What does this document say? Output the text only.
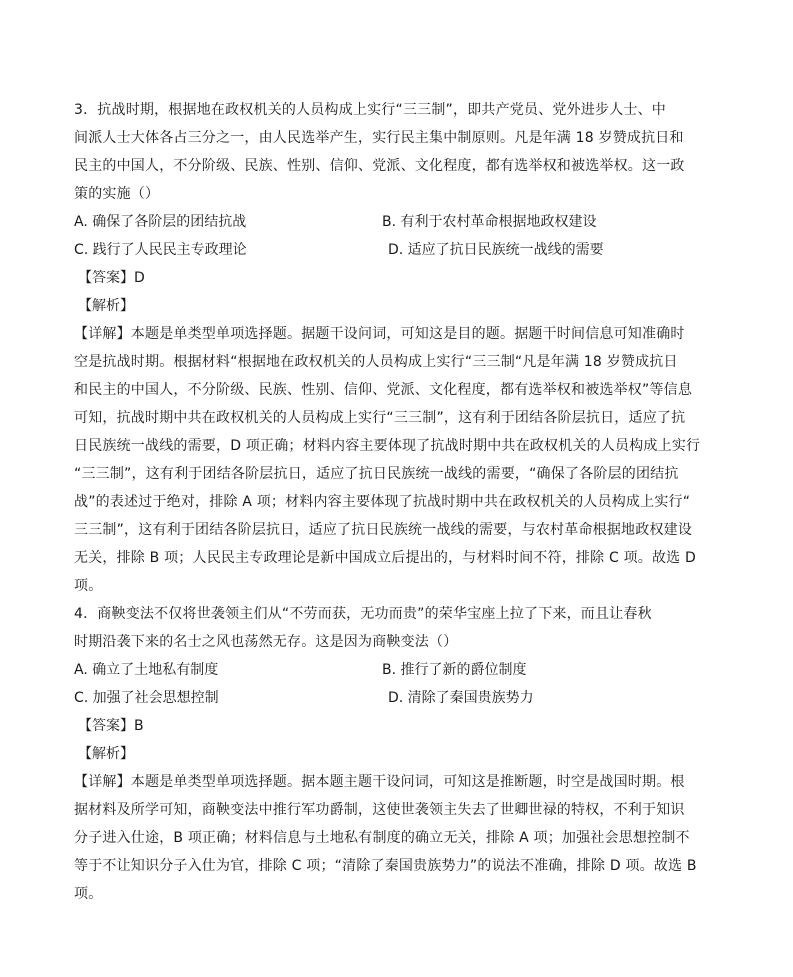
3．抗战时期，根据地在政权机关的人员构成上实行“三三制”，即共产党员、党外进步人士、中
间派人士大体各占三分之一，由人民选举产生，实行民主集中制原则。凡是年满 18 岁赞成抗日和
民主的中国人，不分阶级、民族、性别、信仰、党派、文化程度，都有选举权和被选举权。这一政
策的实施（）
A. 确保了各阶层的团结抗战	B. 有利于农村革命根据地政权建设
C. 践行了人民民主专政理论	D. 适应了抗日民族统一战线的需要
【答案】D
【解析】
【详解】本题是单类型单项选择题。据题干设问词，可知这是目的题。据题干时间信息可知准确时
空是抗战时期。根据材料“根据地在政权机关的人员构成上实行“三三制“凡是年满 18 岁赞成抗日
和民主的中国人，不分阶级、民族、性别、信仰、党派、文化程度，都有选举权和被选举权”等信息
可知，抗战时期中共在政权机关的人员构成上实行“三三制”，这有利于团结各阶层抗日，适应了抗
日民族统一战线的需要，D 项正确；材料内容主要体现了抗战时期中共在政权机关的人员构成上实行
“三三制”，这有利于团结各阶层抗日，适应了抗日民族统一战线的需要，“确保了各阶层的团结抗
战”的表述过于绝对，排除 A 项；材料内容主要体现了抗战时期中共在政权机关的人员构成上实行“
三三制”，这有利于团结各阶层抗日，适应了抗日民族统一战线的需要，与农村革命根据地政权建设
无关，排除 B 项；人民民主专政理论是新中国成立后提出的，与材料时间不符，排除 C 项。故选 D
项。
4．商鞅变法不仅将世袭领主们从“不劳而获，无功而贵”的荣华宝座上拉了下来，而且让春秋
时期沿袭下来的名士之风也荡然无存。这是因为商鞅变法（）
A. 确立了土地私有制度	B. 推行了新的爵位制度
C. 加强了社会思想控制	D. 清除了秦国贵族势力
【答案】B
【解析】
【详解】本题是单类型单项选择题。据本题主题干设问词，可知这是推断题，时空是战国时期。根
据材料及所学可知，商鞅变法中推行军功爵制，这使世袭领主失去了世卿世禄的特权，不利于知识
分子进入仕途，B 项正确；材料信息与土地私有制度的确立无关，排除 A 项；加强社会思想控制不
等于不让知识分子入仕为官，排除 C 项；“清除了秦国贵族势力”的说法不准确，排除 D 项。故选 B
项。
